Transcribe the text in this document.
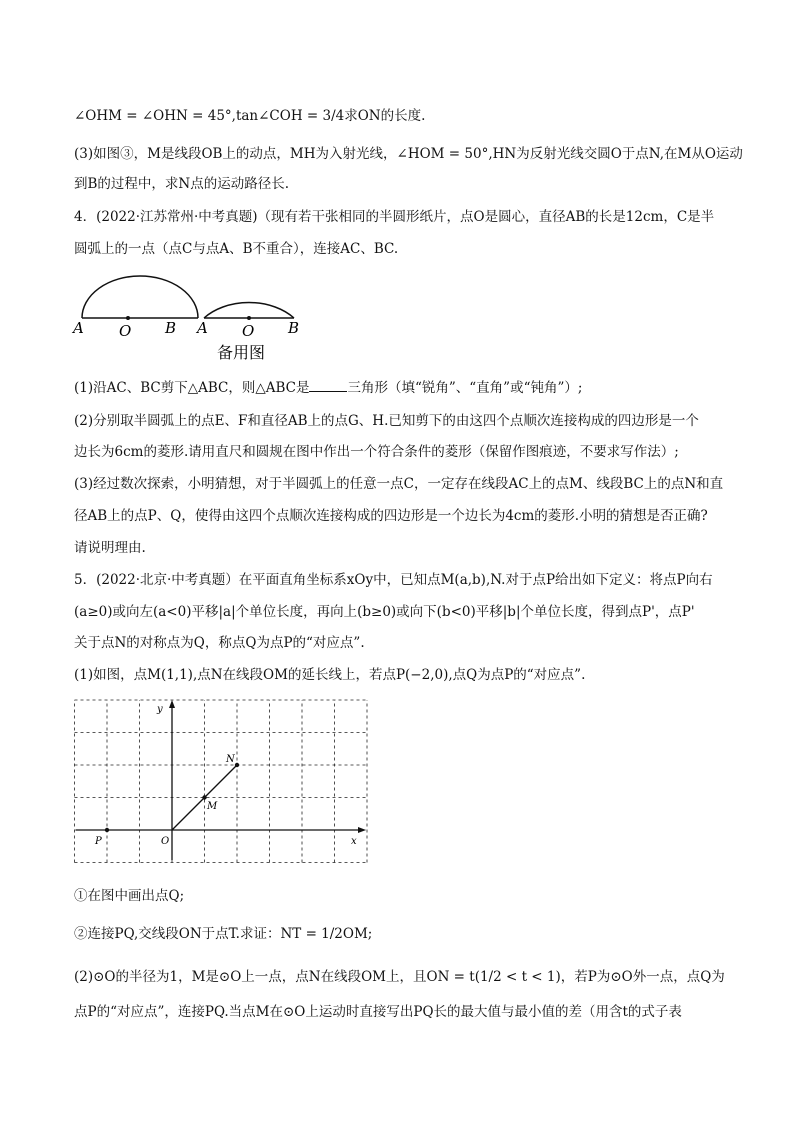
∠OHM = ∠OHN = 45°,tan∠COH = 3/4求ON的长度.
(3)如图③，M是线段OB上的动点，MH为入射光线，∠HOM = 50°,HN为反射光线交圆O于点N,在M从O运动
到B的过程中，求N点的运动路径长.
4．(2022·江苏常州·中考真题)（现有若干张相同的半圆形纸片，点O是圆心，直径AB的长是12cm，C是半
圆弧上的一点（点C与点A、B不重合），连接AC、BC.
A O B A O B
备用图
(1)沿AC、BC剪下△ABC，则△ABC是	三角形（填“锐角”、“直角”或“钝角”）;
(2)分别取半圆弧上的点E、F和直径AB上的点G、H.已知剪下的由这四个点顺次连接构成的四边形是一个
边长为6cm的菱形.请用直尺和圆规在图中作出一个符合条件的菱形（保留作图痕迹，不要求写作法）;
(3)经过数次探索，小明猜想，对于半圆弧上的任意一点C，一定存在线段AC上的点M、线段BC上的点N和直
径AB上的点P、Q，使得由这四个点顺次连接构成的四边形是一个边长为4cm的菱形.小明的猜想是否正确?
请说明理由.
5．(2022·北京·中考真题）在平面直角坐标系xOy中，已知点M(a,b),N.对于点P给出如下定义：将点P向右
(a≥0)或向左(a<0)平移|a|个单位长度，再向上(b≥0)或向下(b<0)平移|b|个单位长度，得到点P'，点P'
关于点N的对称点为Q，称点Q为点P的“对应点”.
(1)如图，点M(1,1),点N在线段OM的延长线上，若点P(−2,0),点Q为点P的“对应点”.
y
x
O
P
M
N
①在图中画出点Q;
②连接PQ,交线段ON于点T.求证：NT = 1/2OM;
(2)⊙O的半径为1，M是⊙O上一点，点N在线段OM上，且ON = t(1/2 < t < 1)，若P为⊙O外一点，点Q为
点P的“对应点”，连接PQ.当点M在⊙O上运动时直接写出PQ长的最大值与最小值的差（用含t的式子表
